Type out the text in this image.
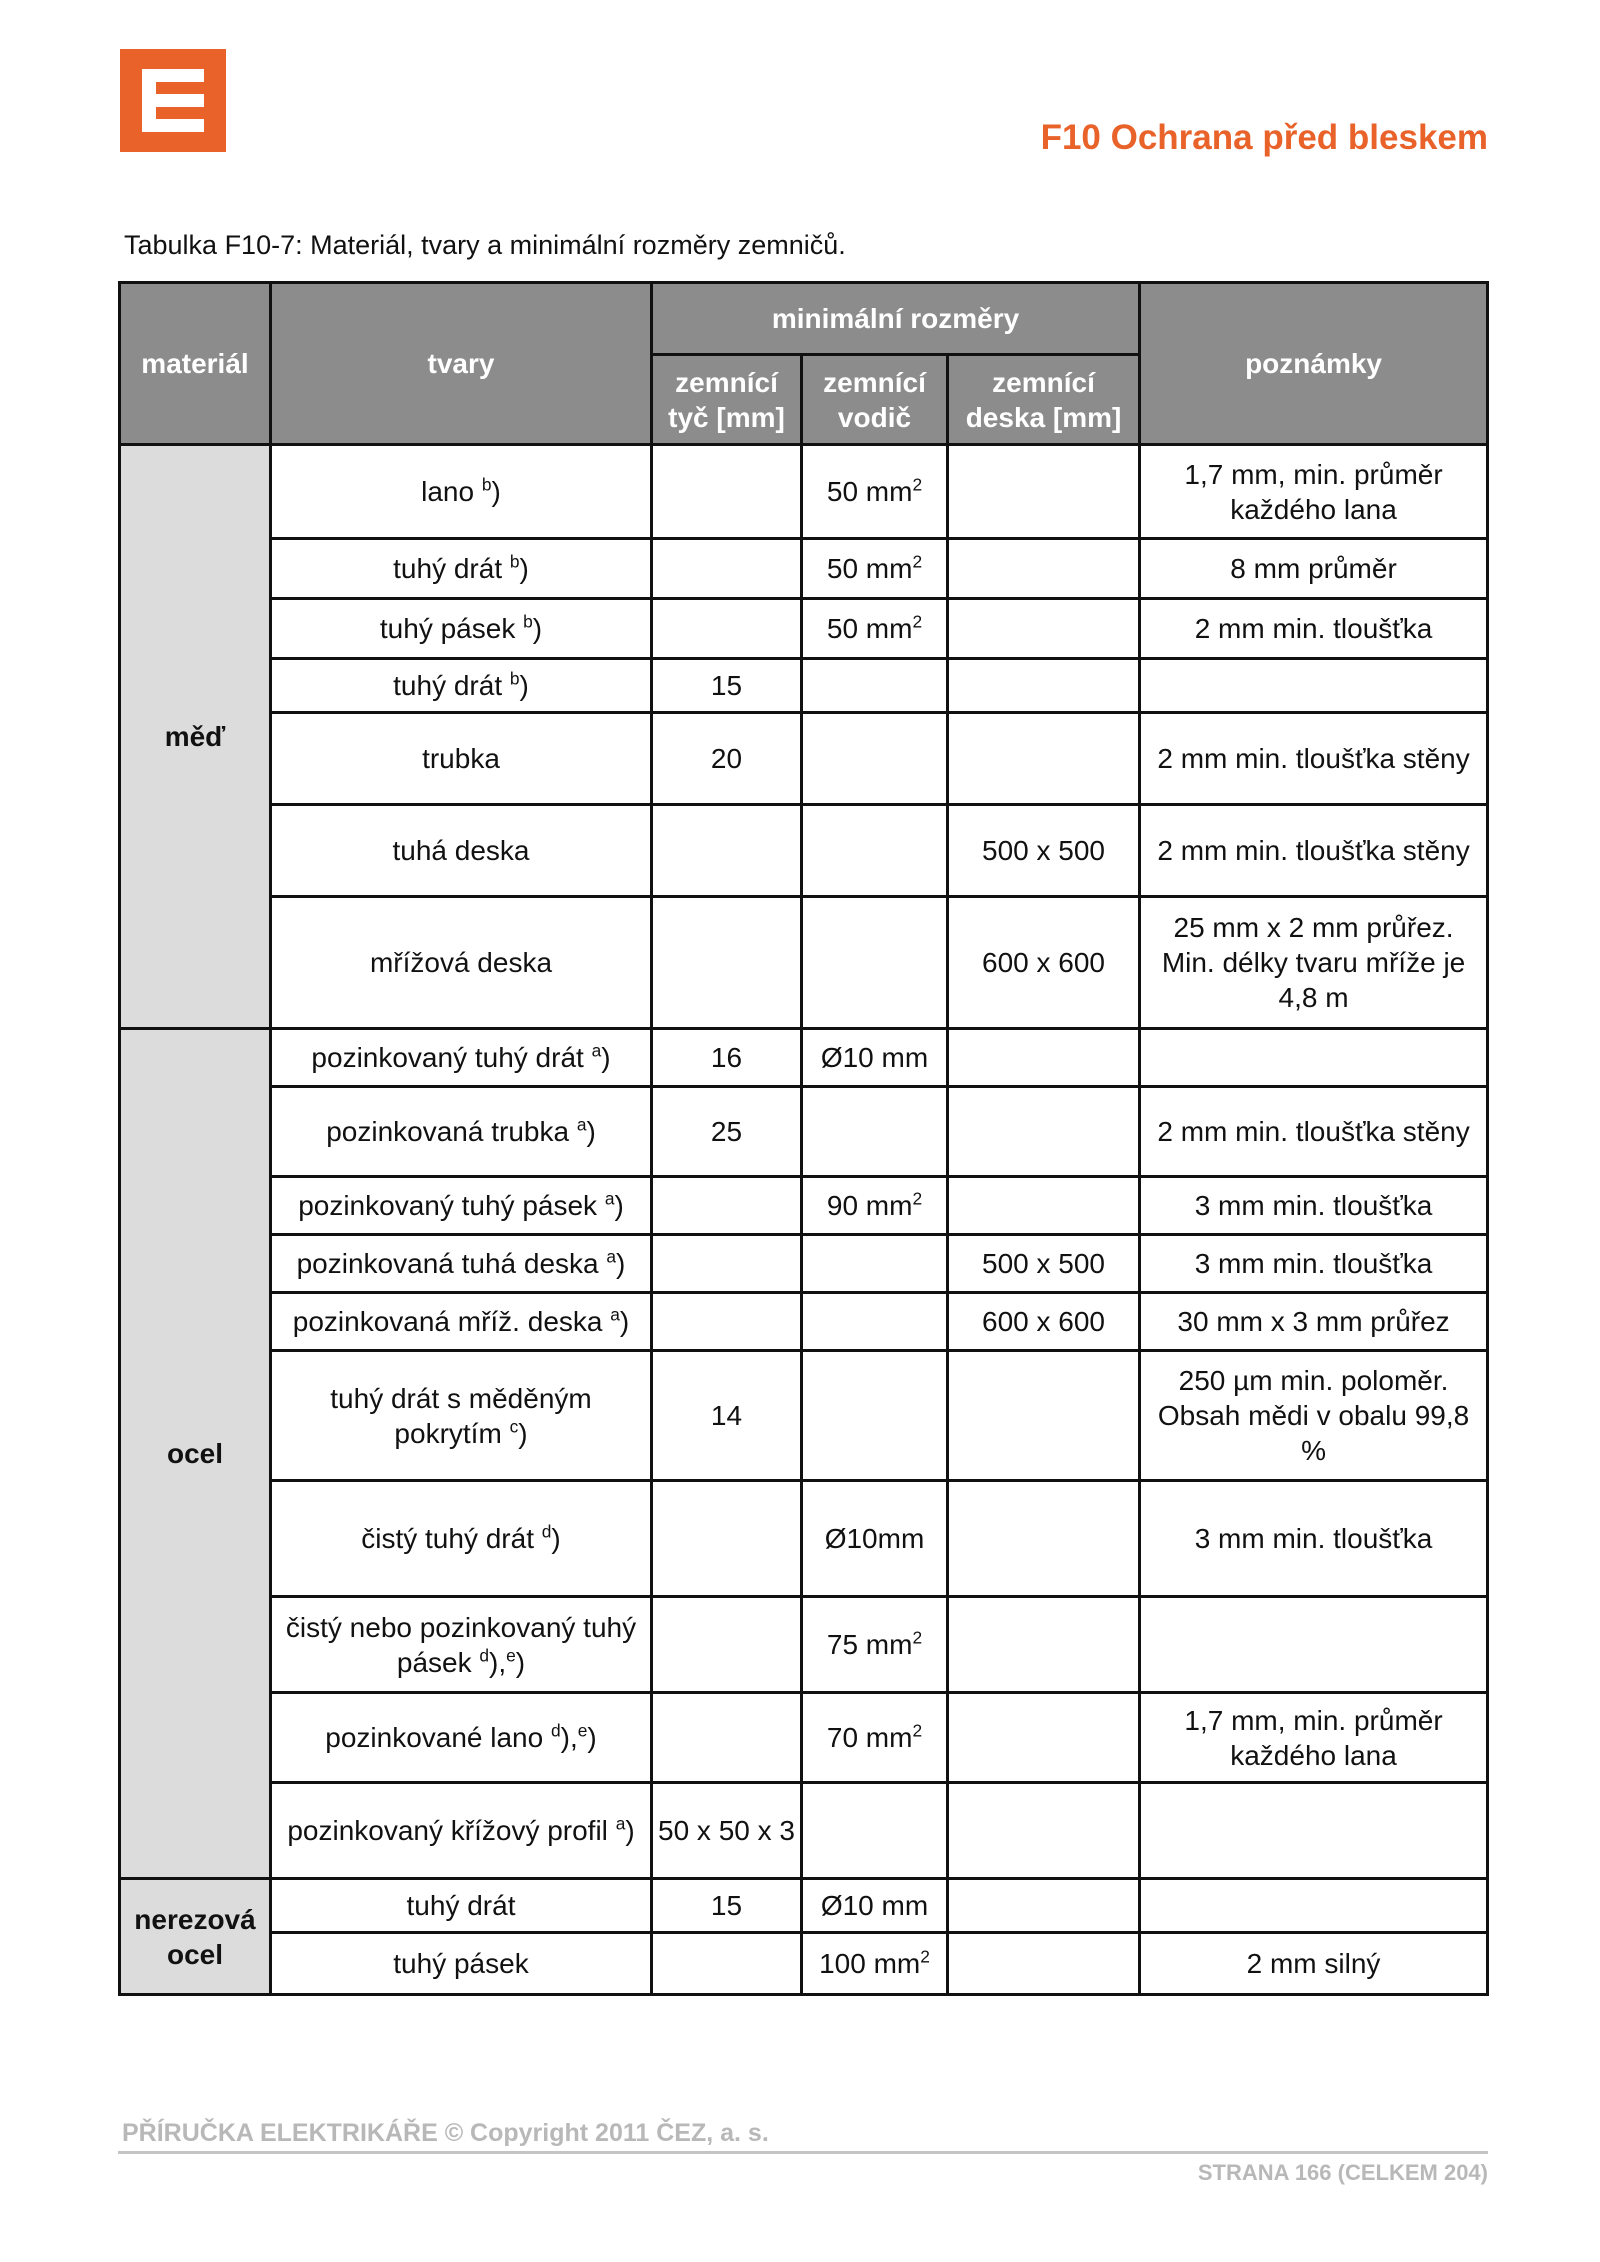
F10 Ochrana před bleskem
Tabulka F10-7: Materiál, tvary a minimální rozměry zemničů.
materiál	tvary	minimální rozměry			poznámky
		zemnící tyč [mm]	zemnící vodič	zemnící deska [mm]	
měď	lano $^b$)		50 $mm^2$		1,7 mm, min. průměr každého lana
	tuhý drát $^b$)		50 $mm^2$		8 mm průměr
	tuhý pásek $^b$)		50 $mm^2$		2 mm min. tloušťka
	tuhý drát $^b$)	15			
	trubka	20			2 mm min. tloušťka stěny
	tuhá deska			500 x 500	2 mm min. tloušťka stěny
	mřížová deska			600 x 600	25 mm x 2 mm průřez. Min. délky tvaru mříže je 4,8 m
ocel	pozinkovaný tuhý drát $^a$)	16	Ø10 mm		
	pozinkovaná trubka $^a$)	25			2 mm min. tloušťka stěny
	pozinkovaný tuhý pásek $^a$)		90 $mm^2$		3 mm min. tloušťka
	pozinkovaná tuhá deska $^a$)			500 x 500	3 mm min. tloušťka
	pozinkovaná mříž. deska $^a$)			600 x 600	30 mm x 3 mm průřez
	tuhý drát s měděným pokrytím $^c$)	14			250 µm min. poloměr. Obsah mědi v obalu 99,8 %
	čistý tuhý drát $^d$)		Ø10mm		3 mm min. tloušťka
	čistý nebo pozinkovaný tuhý pásek $^d$),$^e$)		75 $mm^2$		
	pozinkované lano $^d$),$^e$)		70 $mm^2$		1,7 mm, min. průměr každého lana
	pozinkovaný křížový profil $^a$)	50 x 50 x 3			
nerezová ocel	tuhý drát	15	Ø10 mm		
	tuhý pásek		100 $mm^2$		2 mm silný
PŘÍRUČKA ELEKTRIKÁŘE © Copyright 2011 ČEZ, a. s.
STRANA 166 (CELKEM 204)
